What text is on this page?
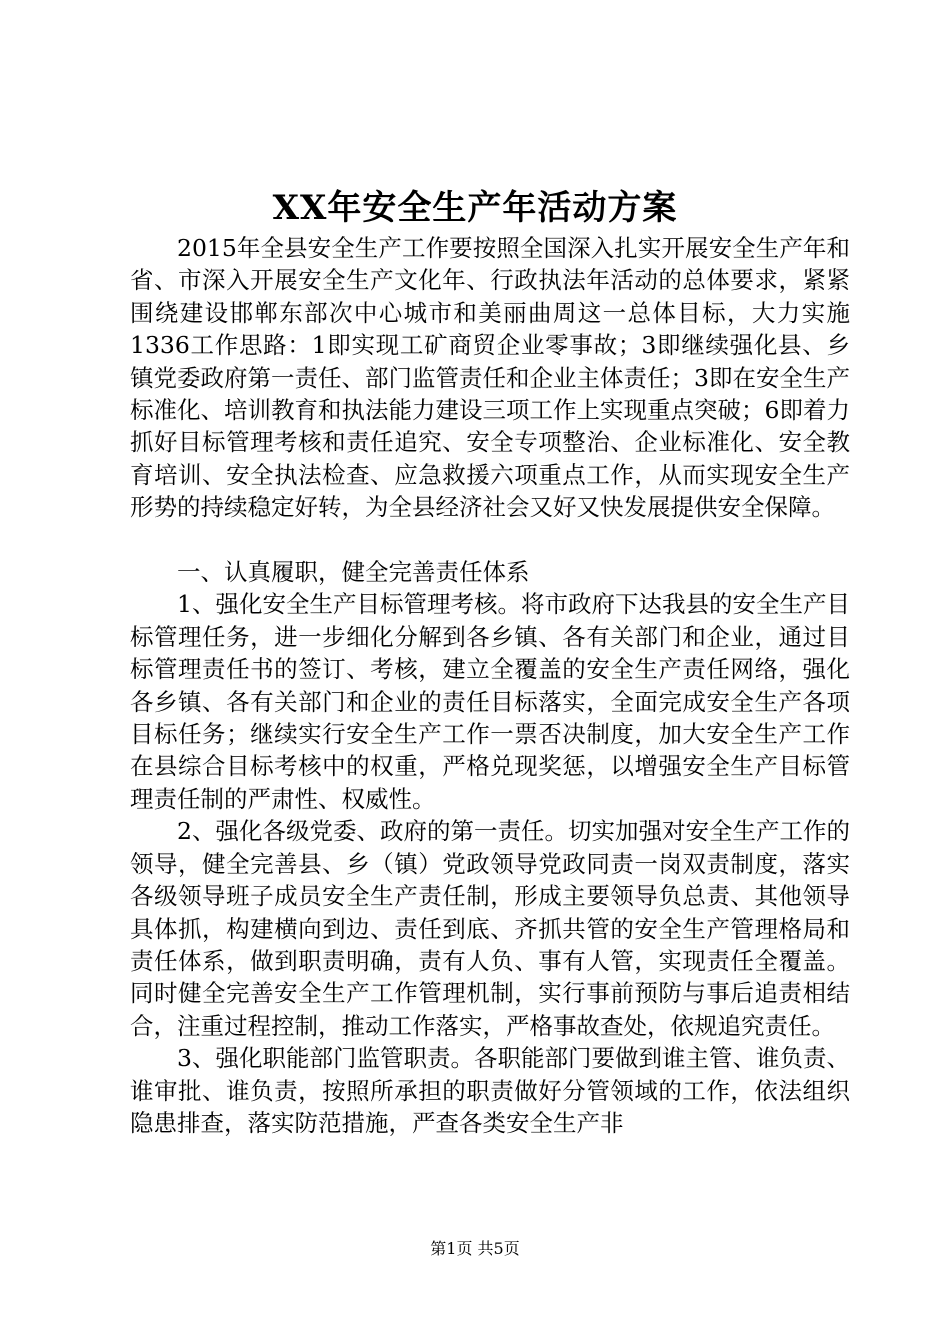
XX年安全生产年活动方案

2015年全县安全生产工作要按照全国深入扎实开展安全生产年和省、市深入开展安全生产文化年、行政执法年活动的总体要求，紧紧围绕建设邯郸东部次中心城市和美丽曲周这一总体目标，大力实施1336工作思路：1即实现工矿商贸企业零事故；3即继续强化县、乡镇党委政府第一责任、部门监管责任和企业主体责任；3即在安全生产标准化、培训教育和执法能力建设三项工作上实现重点突破；6即着力抓好目标管理考核和责任追究、安全专项整治、企业标准化、安全教育培训、安全执法检查、应急救援六项重点工作，从而实现安全生产形势的持续稳定好转，为全县经济社会又好又快发展提供安全保障。

一、认真履职，健全完善责任体系

1、强化安全生产目标管理考核。将市政府下达我县的安全生产目标管理任务，进一步细化分解到各乡镇、各有关部门和企业，通过目标管理责任书的签订、考核，建立全覆盖的安全生产责任网络，强化各乡镇、各有关部门和企业的责任目标落实，全面完成安全生产各项目标任务；继续实行安全生产工作一票否决制度，加大安全生产工作在县综合目标考核中的权重，严格兑现奖惩，以增强安全生产目标管理责任制的严肃性、权威性。

2、强化各级党委、政府的第一责任。切实加强对安全生产工作的领导，健全完善县、乡（镇）党政领导党政同责一岗双责制度，落实各级领导班子成员安全生产责任制，形成主要领导负总责、其他领导具体抓，构建横向到边、责任到底、齐抓共管的安全生产管理格局和责任体系，做到职责明确，责有人负、事有人管，实现责任全覆盖。同时健全完善安全生产工作管理机制，实行事前预防与事后追责相结合，注重过程控制，推动工作落实，严格事故查处，依规追究责任。

3、强化职能部门监管职责。各职能部门要做到谁主管、谁负责、谁审批、谁负责，按照所承担的职责做好分管领域的工作，依法组织隐患排查，落实防范措施，严查各类安全生产非

第1页 共5页
